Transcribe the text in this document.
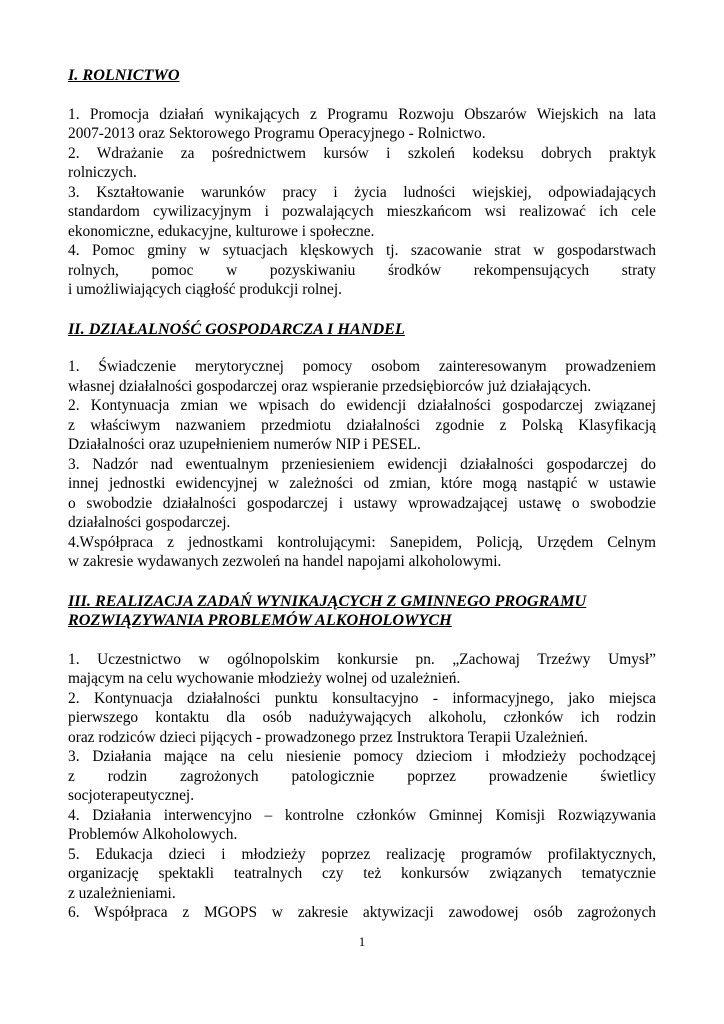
I. ROLNICTWO
1. Promocja działań wynikających z Programu Rozwoju Obszarów Wiejskich na lata
2007-2013 oraz Sektorowego Programu Operacyjnego - Rolnictwo.
2. Wdrażanie za pośrednictwem kursów i szkoleń kodeksu dobrych praktyk
rolniczych.
3. Kształtowanie warunków pracy i życia ludności wiejskiej, odpowiadających
standardom cywilizacyjnym i pozwalających mieszkańcom wsi realizować ich cele
ekonomiczne, edukacyjne, kulturowe i społeczne.
4. Pomoc gminy w sytuacjach klęskowych tj. szacowanie strat w gospodarstwach
rolnych, pomoc w pozyskiwaniu środków rekompensujących straty
i umożliwiających ciągłość produkcji rolnej.
II. DZIAŁALNOŚĆ GOSPODARCZA I HANDEL
1. Świadczenie merytorycznej pomocy osobom zainteresowanym prowadzeniem
własnej działalności gospodarczej oraz wspieranie przedsiębiorców już działających.
2. Kontynuacja zmian we wpisach do ewidencji działalności gospodarczej związanej
z właściwym nazwaniem przedmiotu działalności zgodnie z Polską Klasyfikacją
Działalności oraz uzupełnieniem numerów NIP i PESEL.
3. Nadzór nad ewentualnym przeniesieniem ewidencji działalności gospodarczej do
innej jednostki ewidencyjnej w zależności od zmian, które mogą nastąpić w ustawie
o swobodzie działalności gospodarczej i ustawy wprowadzającej ustawę o swobodzie
działalności gospodarczej.
4.Współpraca z jednostkami kontrolującymi: Sanepidem, Policją, Urzędem Celnym
w zakresie wydawanych zezwoleń na handel napojami alkoholowymi.
III. REALIZACJA ZADAŃ WYNIKAJĄCYCH Z GMINNEGO PROGRAMU
ROZWIĄZYWANIA PROBLEMÓW ALKOHOLOWYCH
1. Uczestnictwo w ogólnopolskim konkursie pn. „Zachowaj Trzeźwy Umysł”
mającym na celu wychowanie młodzieży wolnej od uzależnień.
2. Kontynuacja działalności punktu konsultacyjno - informacyjnego, jako miejsca
pierwszego kontaktu dla osób nadużywających alkoholu, członków ich rodzin
oraz rodziców dzieci pijących - prowadzonego przez Instruktora Terapii Uzależnień.
3. Działania mające na celu niesienie pomocy dzieciom i młodzieży pochodzącej
z rodzin zagrożonych patologicznie poprzez prowadzenie świetlicy
socjoterapeutycznej.
4. Działania interwencyjno – kontrolne członków Gminnej Komisji Rozwiązywania
Problemów Alkoholowych.
5. Edukacja dzieci i młodzieży poprzez realizację programów profilaktycznych,
organizację spektakli teatralnych czy też konkursów związanych tematycznie
z uzależnieniami.
6. Współpraca z MGOPS w zakresie aktywizacji zawodowej osób zagrożonych
1
